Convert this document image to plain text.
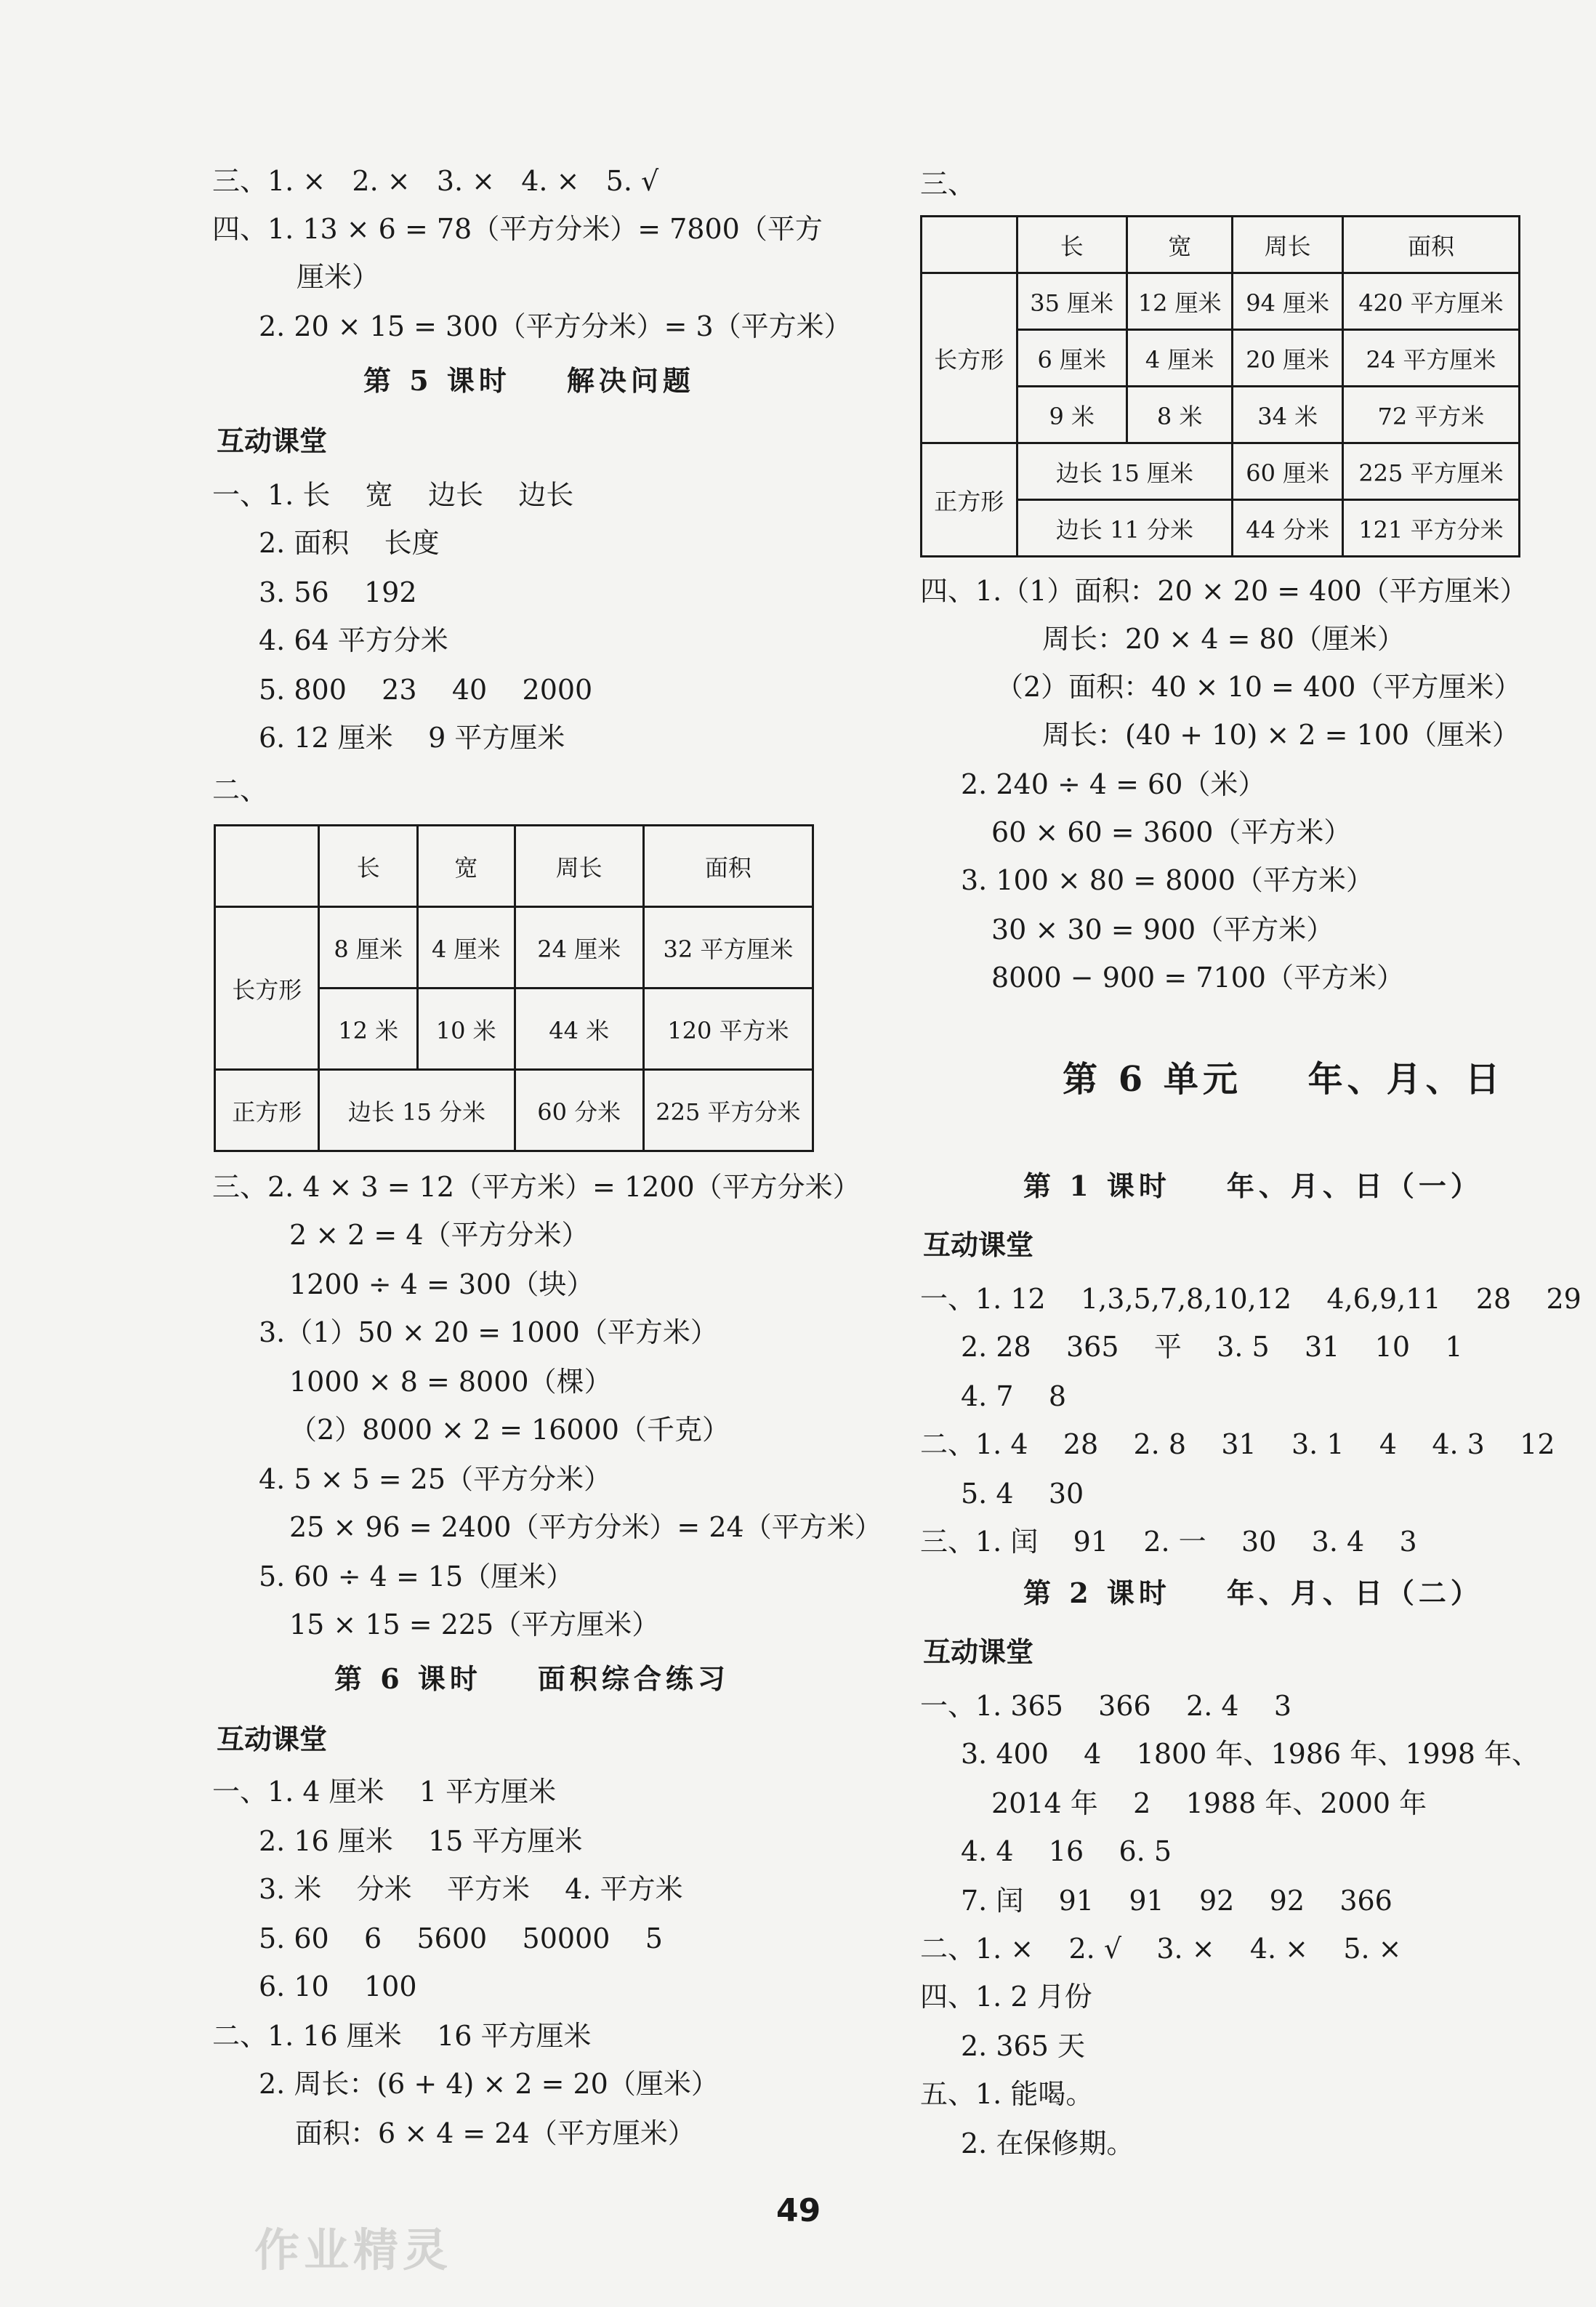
三、1. ×   2. ×   3. ×   4. ×   5. √
四、1. 13 × 6 = 78（平方分米）= 7800（平方
厘米）
2. 20 × 15 = 300（平方分米）= 3（平方米）
第 5 课时    解决问题
互动课堂
一、1. 长    宽    边长    边长
2. 面积    长度
3. 56    192
4. 64 平方分米
5. 800    23    40    2000
6. 12 厘米    9 平方厘米
二、
	长	宽	周长	面积
长方形	8 厘米	4 厘米	24 厘米	32 平方厘米
	12 米	10 米	44 米	120 平方米
正方形	边长 15 分米		60 分米	225 平方分米
三、2. 4 × 3 = 12（平方米）= 1200（平方分米）
2 × 2 = 4（平方分米）
1200 ÷ 4 = 300（块）
3.（1）50 × 20 = 1000（平方米）
1000 × 8 = 8000（棵）
（2）8000 × 2 = 16000（千克）
4. 5 × 5 = 25（平方分米）
25 × 96 = 2400（平方分米）= 24（平方米）
5. 60 ÷ 4 = 15（厘米）
15 × 15 = 225（平方厘米）
第 6 课时    面积综合练习
互动课堂
一、1. 4 厘米    1 平方厘米
2. 16 厘米    15 平方厘米
3. 米    分米    平方米    4. 平方米
5. 60    6    5600    50000    5
6. 10    100
二、1. 16 厘米    16 平方厘米
2. 周长：(6 + 4) × 2 = 20（厘米）
面积：6 × 4 = 24（平方厘米）
三、
	长	宽	周长	面积
长方形	35 厘米	12 厘米	94 厘米	420 平方厘米
	6 厘米	4 厘米	20 厘米	24 平方厘米
	9 米	8 米	34 米	72 平方米
正方形	边长 15 厘米		60 厘米	225 平方厘米
	边长 11 分米		44 分米	121 平方分米
四、1.（1）面积：20 × 20 = 400（平方厘米）
周长：20 × 4 = 80（厘米）
（2）面积：40 × 10 = 400（平方厘米）
周长：(40 + 10) × 2 = 100（厘米）
2. 240 ÷ 4 = 60（米）
60 × 60 = 3600（平方米）
3. 100 × 80 = 8000（平方米）
30 × 30 = 900（平方米）
8000 − 900 = 7100（平方米）
第 6 单元    年、月、日
第 1 课时    年、月、日（一）
互动课堂
一、1. 12    1,3,5,7,8,10,12    4,6,9,11    28    29
2. 28    365    平    3. 5    31    10    1
4. 7    8
二、1. 4    28    2. 8    31    3. 1    4    4. 3    12
5. 4    30
三、1. 闰    91    2. 一    30    3. 4    3
第 2 课时    年、月、日（二）
互动课堂
一、1. 365    366    2. 4    3
3. 400    4    1800 年、1986 年、1998 年、
2014 年    2    1988 年、2000 年
4. 4    16    6. 5
7. 闰    91    91    92    92    366
二、1. ×    2. √    3. ×    4. ×    5. ×
四、1. 2 月份
2. 365 天
五、1. 能喝。
2. 在保修期。
49
作业精灵
